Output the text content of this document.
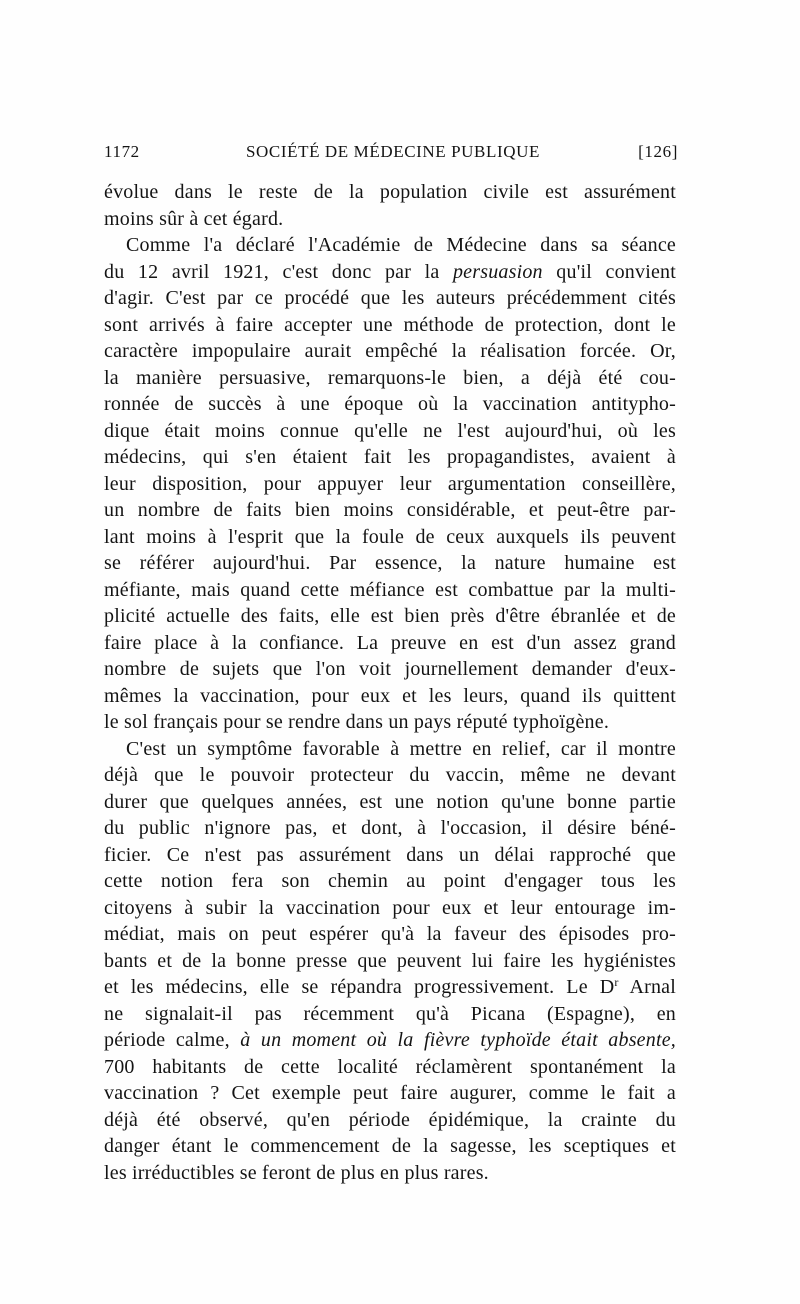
1172	SOCIÉTÉ DE MÉDECINE PUBLIQUE	[126]
évolue dans le reste de la population civile est assurément
moins sûr à cet égard.
Comme l'a déclaré l'Académie de Médecine dans sa séance
du 12 avril 1921, c'est donc par la persuasion qu'il convient
d'agir. C'est par ce procédé que les auteurs précédemment cités
sont arrivés à faire accepter une méthode de protection, dont le
caractère impopulaire aurait empêché la réalisation forcée. Or,
la manière persuasive, remarquons-le bien, a déjà été cou-
ronnée de succès à une époque où la vaccination antitypho-
dique était moins connue qu'elle ne l'est aujourd'hui, où les
médecins, qui s'en étaient fait les propagandistes, avaient à
leur disposition, pour appuyer leur argumentation conseillère,
un nombre de faits bien moins considérable, et peut-être par-
lant moins à l'esprit que la foule de ceux auxquels ils peuvent
se référer aujourd'hui. Par essence, la nature humaine est
méfiante, mais quand cette méfiance est combattue par la multi-
plicité actuelle des faits, elle est bien près d'être ébranlée et de
faire place à la confiance. La preuve en est d'un assez grand
nombre de sujets que l'on voit journellement demander d'eux-
mêmes la vaccination, pour eux et les leurs, quand ils quittent
le sol français pour se rendre dans un pays réputé typhoïgène.
C'est un symptôme favorable à mettre en relief, car il montre
déjà que le pouvoir protecteur du vaccin, même ne devant
durer que quelques années, est une notion qu'une bonne partie
du public n'ignore pas, et dont, à l'occasion, il désire béné-
ficier. Ce n'est pas assurément dans un délai rapproché que
cette notion fera son chemin au point d'engager tous les
citoyens à subir la vaccination pour eux et leur entourage im-
médiat, mais on peut espérer qu'à la faveur des épisodes pro-
bants et de la bonne presse que peuvent lui faire les hygiénistes
et les médecins, elle se répandra progressivement. Le $D^r$ Arnal
ne signalait-il pas récemment qu'à Picana (Espagne), en
période calme, à un moment où la fièvre typhoïde était absente,
700 habitants de cette localité réclamèrent spontanément la
vaccination ? Cet exemple peut faire augurer, comme le fait a
déjà été observé, qu'en période épidémique, la crainte du
danger étant le commencement de la sagesse, les sceptiques et
les irréductibles se feront de plus en plus rares.
